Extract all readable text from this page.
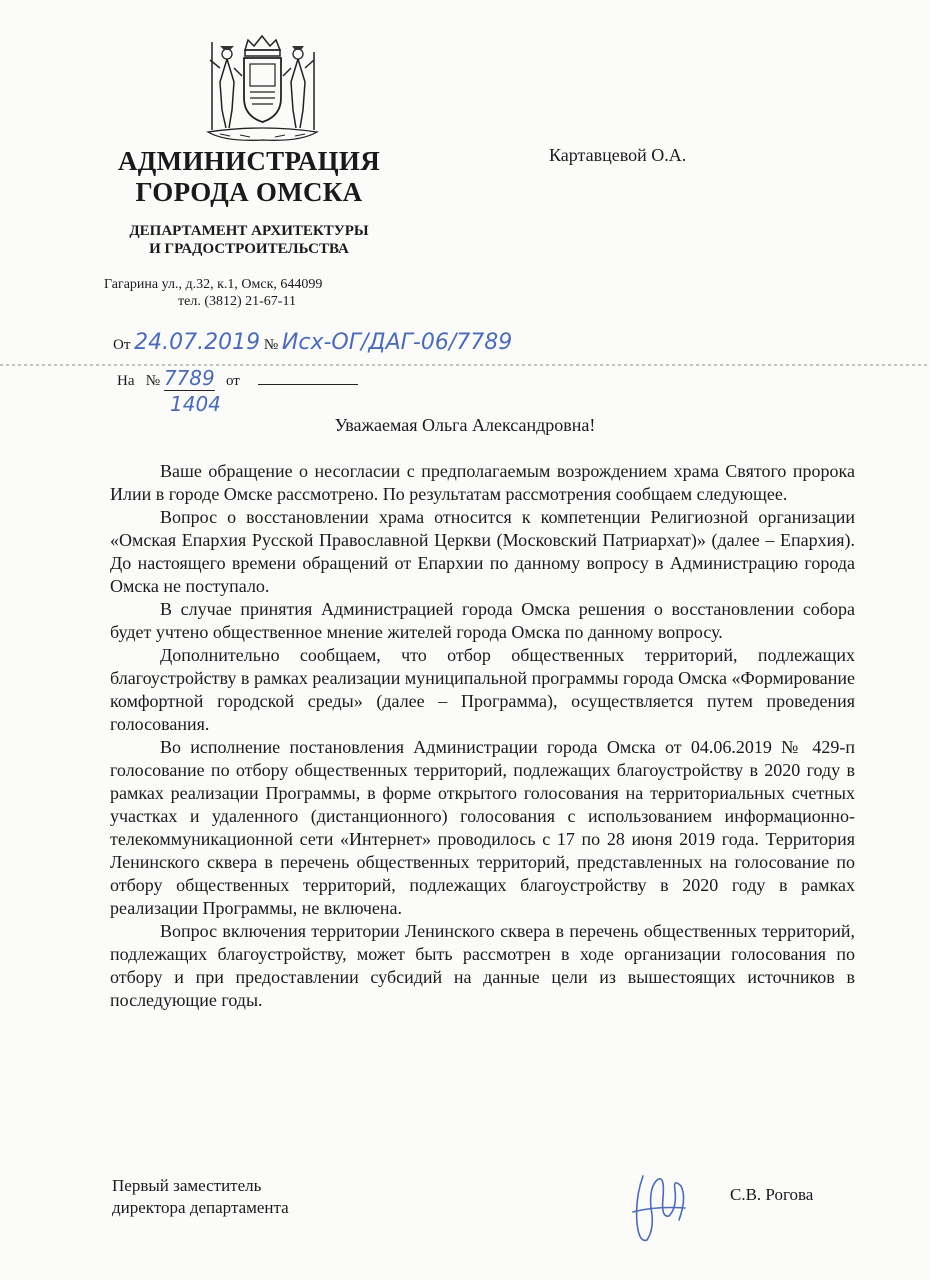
АДМИНИСТРАЦИЯ
ГОРОДА ОМСКА
ДЕПАРТАМЕНТ АРХИТЕКТУРЫ
И ГРАДОСТРОИТЕЛЬСТВА
Гагарина ул., д.32, к.1, Омск, 644099
тел. (3812) 21-67-11
Картавцевой О.А.
От 24.07.2019 № Исх-ОГ/ДАГ-06/7789
На № 7789 от
1404
Уважаемая Ольга Александровна!

Ваше обращение о несогласии с предполагаемым возрождением храма Святого пророка Илии в городе Омске рассмотрено. По результатам рассмотрения сообщаем следующее.

Вопрос о восстановлении храма относится к компетенции Религиозной организации «Омская Епархия Русской Православной Церкви (Московский Патриархат)» (далее – Епархия). До настоящего времени обращений от Епархии по данному вопросу в Администрацию города Омска не поступало.

В случае принятия Администрацией города Омска решения о восстановлении собора будет учтено общественное мнение жителей города Омска по данному вопросу.

Дополнительно сообщаем, что отбор общественных территорий, подлежащих благоустройству в рамках реализации муниципальной программы города Омска «Формирование комфортной городской среды» (далее – Программа), осуществляется путем проведения голосования.

Во исполнение постановления Администрации города Омска от 04.06.2019 № 429-п голосование по отбору общественных территорий, подлежащих благоустройству в 2020 году в рамках реализации Программы, в форме открытого голосования на территориальных счетных участках и удаленного (дистанционного) голосования с использованием информационно-телекоммуникационной сети «Интернет» проводилось с 17 по 28 июня 2019 года. Территория Ленинского сквера в перечень общественных территорий, представленных на голосование по отбору общественных территорий, подлежащих благоустройству в 2020 году в рамках реализации Программы, не включена.

Вопрос включения территории Ленинского сквера в перечень общественных территорий, подлежащих благоустройству, может быть рассмотрен в ходе организации голосования по отбору и при предоставлении субсидий на данные цели из вышестоящих источников в последующие годы.

Первый заместитель
директора департамента
С.В. Рогова
